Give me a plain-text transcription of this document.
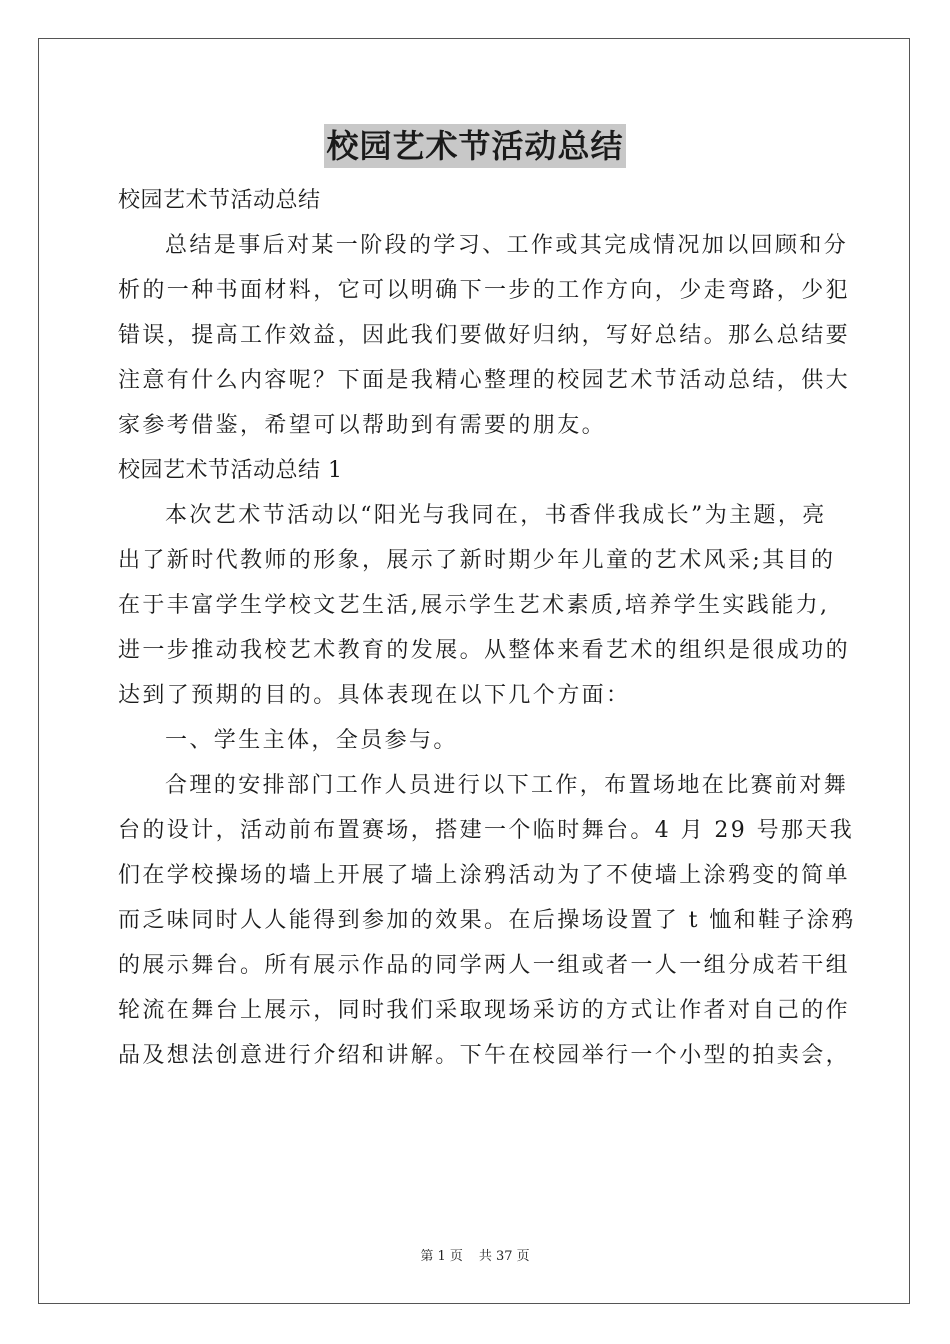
校园艺术节活动总结

校园艺术节活动总结

总结是事后对某一阶段的学习、工作或其完成情况加以回顾和分

析的一种书面材料，它可以明确下一步的工作方向，少走弯路，少犯

错误，提高工作效益，因此我们要做好归纳，写好总结。那么总结要

注意有什么内容呢？下面是我精心整理的校园艺术节活动总结，供大

家参考借鉴，希望可以帮助到有需要的朋友。

校园艺术节活动总结 1

本次艺术节活动以“阳光与我同在，书香伴我成长”为主题，亮

出了新时代教师的形象，展示了新时期少年儿童的艺术风采;其目的

在于丰富学生学校文艺生活,展示学生艺术素质,培养学生实践能力,

进一步推动我校艺术教育的发展。从整体来看艺术的组织是很成功的

达到了预期的目的。具体表现在以下几个方面：

一、学生主体，全员参与。

合理的安排部门工作人员进行以下工作，布置场地在比赛前对舞

台的设计，活动前布置赛场，搭建一个临时舞台。4 月 29 号那天我

们在学校操场的墙上开展了墙上涂鸦活动为了不使墙上涂鸦变的简单

而乏味同时人人能得到参加的效果。在后操场设置了 t 恤和鞋子涂鸦

的展示舞台。所有展示作品的同学两人一组或者一人一组分成若干组

轮流在舞台上展示，同时我们采取现场采访的方式让作者对自己的作

品及想法创意进行介绍和讲解。下午在校园举行一个小型的拍卖会，

第 1 页 共 37 页
